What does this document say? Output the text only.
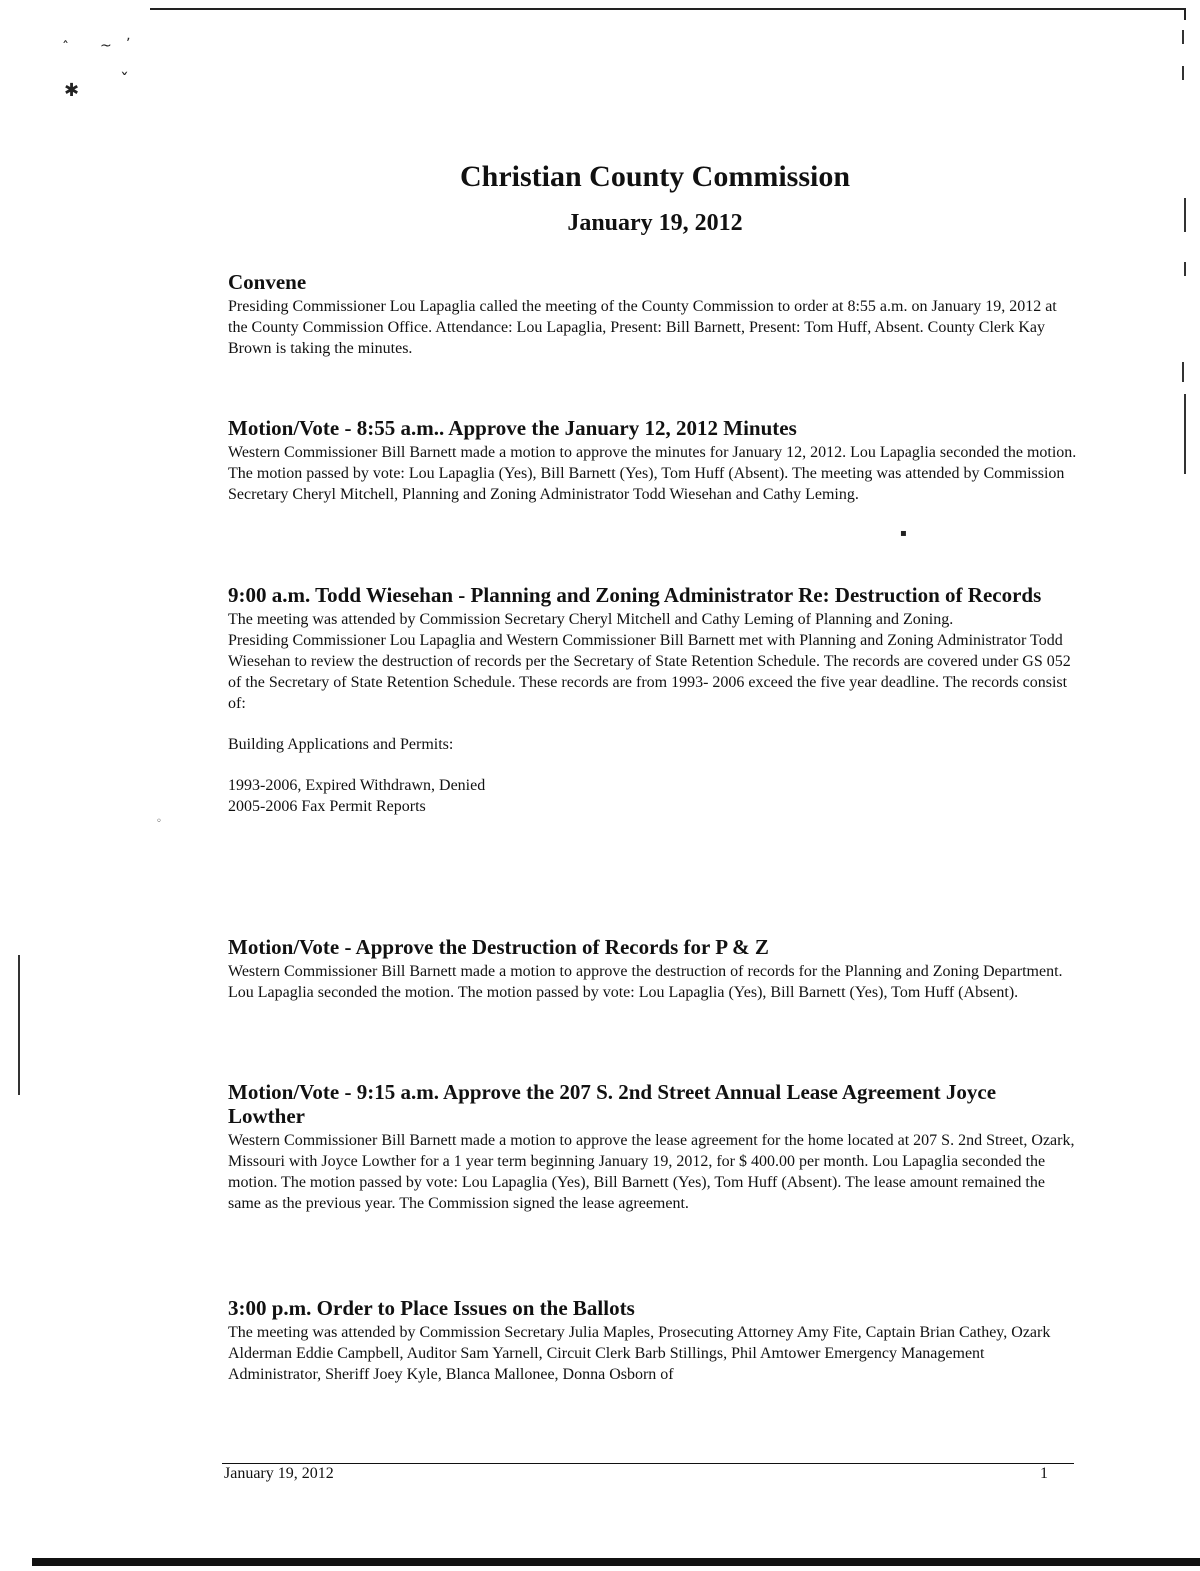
ˆ ~ ʼ
✱ ˇ
▪
◦
Christian County Commission
January 19, 2012
Convene

Presiding Commissioner Lou Lapaglia called the meeting of the County Commission to order at 8:55 a.m. on January 19, 2012 at the County Commission Office. Attendance: Lou Lapaglia, Present: Bill Barnett, Present: Tom Huff, Absent. County Clerk Kay Brown is taking the minutes.

Motion/Vote - 8:55 a.m.. Approve the January 12, 2012 Minutes

Western Commissioner Bill Barnett made a motion to approve the minutes for January 12, 2012. Lou Lapaglia seconded the motion. The motion passed by vote: Lou Lapaglia (Yes), Bill Barnett (Yes), Tom Huff (Absent). The meeting was attended by Commission Secretary Cheryl Mitchell, Planning and Zoning Administrator Todd Wiesehan and Cathy Leming.

9:00 a.m. Todd Wiesehan - Planning and Zoning Administrator Re: Destruction of Records

The meeting was attended by Commission Secretary Cheryl Mitchell and Cathy Leming of Planning and Zoning.

Presiding Commissioner Lou Lapaglia and Western Commissioner Bill Barnett met with Planning and Zoning Administrator Todd Wiesehan to review the destruction of records per the Secretary of State Retention Schedule. The records are covered under GS 052 of the Secretary of State Retention Schedule. These records are from 1993- 2006 exceed the five year deadline. The records consist of:

Building Applications and Permits:

1993-2006, Expired Withdrawn, Denied

2005-2006 Fax Permit Reports

Motion/Vote - Approve the Destruction of Records for P & Z

Western Commissioner Bill Barnett made a motion to approve the destruction of records for the Planning and Zoning Department. Lou Lapaglia seconded the motion. The motion passed by vote: Lou Lapaglia (Yes), Bill Barnett (Yes), Tom Huff (Absent).

Motion/Vote - 9:15 a.m. Approve the 207 S. 2nd Street Annual Lease Agreement Joyce Lowther

Western Commissioner Bill Barnett made a motion to approve the lease agreement for the home located at 207 S. 2nd Street, Ozark, Missouri with Joyce Lowther for a 1 year term beginning January 19, 2012, for $ 400.00 per month. Lou Lapaglia seconded the motion. The motion passed by vote: Lou Lapaglia (Yes), Bill Barnett (Yes), Tom Huff (Absent). The lease amount remained the same as the previous year. The Commission signed the lease agreement.

3:00 p.m. Order to Place Issues on the Ballots

The meeting was attended by Commission Secretary Julia Maples, Prosecuting Attorney Amy Fite, Captain Brian Cathey, Ozark Alderman Eddie Campbell, Auditor Sam Yarnell, Circuit Clerk Barb Stillings, Phil Amtower Emergency Management Administrator, Sheriff Joey Kyle, Blanca Mallonee, Donna Osborn of

January 19, 2012	1
